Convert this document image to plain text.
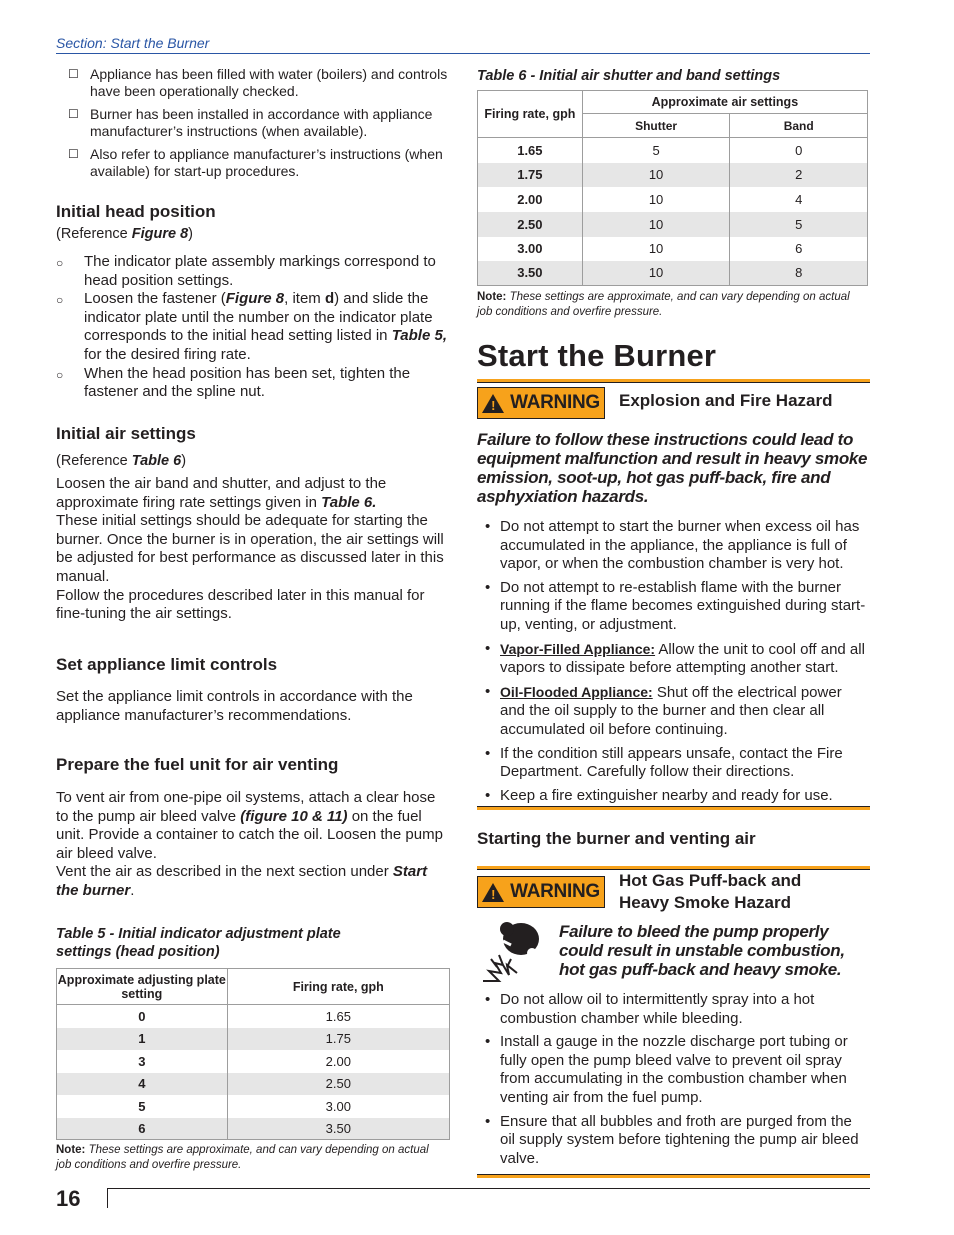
Section: Start the Burner
☐ Appliance has been filled with water (boilers) and controls have been operationally checked.
☐ Burner has been installed in accordance with appliance manufacturer’s instructions (when available).
☐ Also refer to appliance manufacturer’s instructions (when available) for start-up procedures.
Initial head position
(Reference Figure 8)
○	The indicator plate assembly markings correspond to head position settings.
○	Loosen the fastener (Figure 8, item d) and slide the indicator plate until the number on the indicator plate corresponds to the initial head setting listed in Table 5, for the desired firing rate.
○	When the head position has been set, tighten the fastener and the spline nut.
Initial air settings
(Reference Table 6)
Loosen the air band and shutter, and adjust to the approximate firing rate settings given in Table 6.
These initial settings should be adequate for starting the burner. Once the burner is in operation, the air settings will be adjusted for best performance as discussed later in this manual.
Follow the procedures described later in this manual for fine-tuning the air settings.
Set appliance limit controls
Set the appliance limit controls in accordance with the appliance manufacturer’s recommendations.
Prepare the fuel unit for air venting
To vent air from one-pipe oil systems, attach a clear hose to the pump air bleed valve (figure 10 & 11) on the fuel unit. Provide a container to catch the oil. Loosen the pump air bleed valve.
Vent the air as described in the next section under Start the burner.
Table 5 - Initial indicator adjustment plate settings (head position)
Approximate adjusting plate setting	Firing rate, gph
0	1.65
1	1.75
3	2.00
4	2.50
5	3.00
6	3.50
Note: These settings are approximate, and can vary depending on actual job conditions and overfire pressure.
Table 6 - Initial air shutter and band settings
Firing rate, gph	Approximate air settings	
	Shutter	Band
1.65	5	0
1.75	10	2
2.00	10	4
2.50	10	5
3.00	10	6
3.50	10	8
Note: These settings are approximate, and can vary depending on actual job conditions and overfire pressure.
Start the Burner
! WARNING Explosion and Fire Hazard
Failure to follow these instructions could lead to equipment malfunction and result in heavy smoke emission, soot-up, hot gas puff-back, fire and asphyxiation hazards.
• Do not attempt to start the burner when excess oil has accumulated in the appliance, the appliance is full of vapor, or when the combustion chamber is very hot.
• Do not attempt to re-establish flame with the burner running if the flame becomes extinguished during start-up, venting, or adjustment.
• Vapor-Filled Appliance: Allow the unit to cool off and all vapors to dissipate before attempting another start.
• Oil-Flooded Appliance: Shut off the electrical power and the oil supply to the burner and then clear all accumulated oil before continuing.
• If the condition still appears unsafe, contact the Fire Department. Carefully follow their directions.
• Keep a fire extinguisher nearby and ready for use.
Starting the burner and venting air
! WARNING
Hot Gas Puff-back and
Heavy Smoke Hazard
Failure to bleed the pump properly could result in unstable combustion, hot gas puff-back and heavy smoke.
• Do not allow oil to intermittently spray into a hot combustion chamber while bleeding.
• Install a gauge in the nozzle discharge port tubing or fully open the pump bleed valve to prevent oil spray from accumulating in the combustion chamber when venting air from the fuel pump.
• Ensure that all bubbles and froth are purged from the oil supply system before tightening the pump air bleed valve.
16
